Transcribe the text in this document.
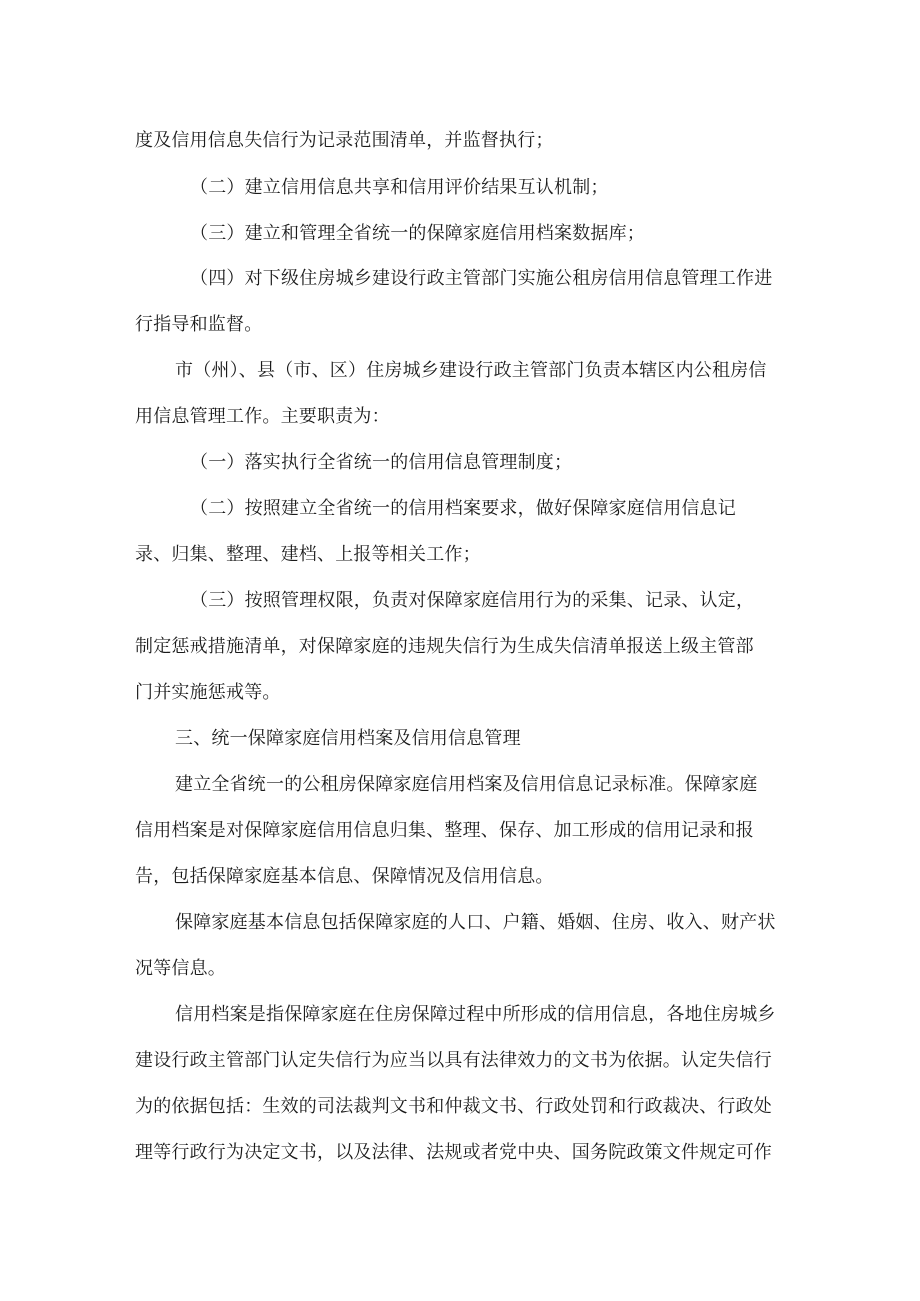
度及信用信息失信行为记录范围清单，并监督执行；
（二）建立信用信息共享和信用评价结果互认机制；
（三）建立和管理全省统一的保障家庭信用档案数据库；
（四）对下级住房城乡建设行政主管部门实施公租房信用信息管理工作进
行指导和监督。
市（州）、县（市、区）住房城乡建设行政主管部门负责本辖区内公租房信
用信息管理工作。主要职责为：
（一）落实执行全省统一的信用信息管理制度；
（二）按照建立全省统一的信用档案要求，做好保障家庭信用信息记
录、归集、整理、建档、上报等相关工作；
（三）按照管理权限，负责对保障家庭信用行为的采集、记录、认定，
制定惩戒措施清单，对保障家庭的违规失信行为生成失信清单报送上级主管部
门并实施惩戒等。
三、统一保障家庭信用档案及信用信息管理
建立全省统一的公租房保障家庭信用档案及信用信息记录标准。保障家庭
信用档案是对保障家庭信用信息归集、整理、保存、加工形成的信用记录和报
告，包括保障家庭基本信息、保障情况及信用信息。
保障家庭基本信息包括保障家庭的人口、户籍、婚姻、住房、收入、财产状
况等信息。
信用档案是指保障家庭在住房保障过程中所形成的信用信息，各地住房城乡
建设行政主管部门认定失信行为应当以具有法律效力的文书为依据。认定失信行
为的依据包括：生效的司法裁判文书和仲裁文书、行政处罚和行政裁决、行政处
理等行政行为决定文书，以及法律、法规或者党中央、国务院政策文件规定可作
